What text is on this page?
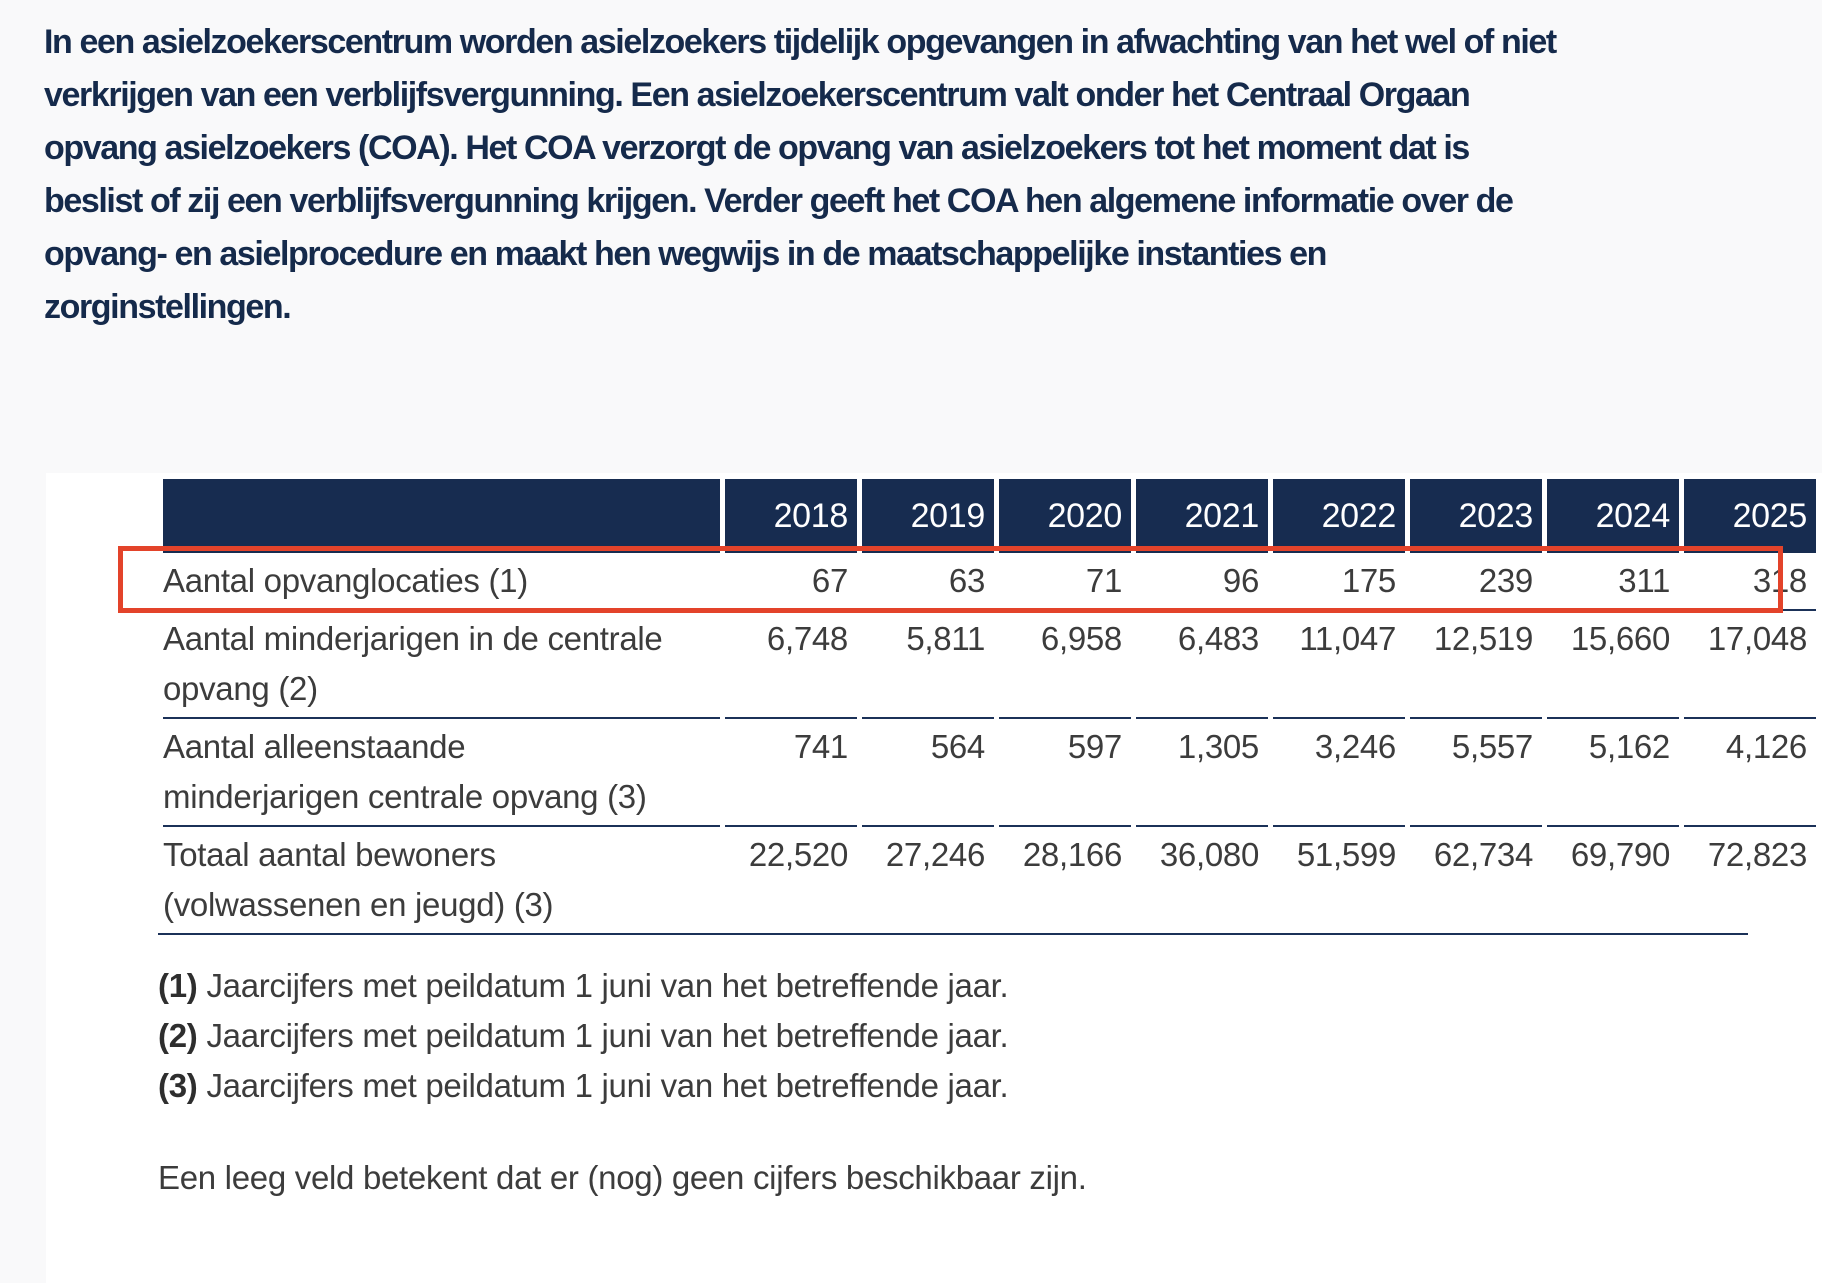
In een asielzoekerscentrum worden asielzoekers tijdelijk opgevangen in afwachting van het wel of niet verkrijgen van een verblijfsvergunning. Een asielzoekerscentrum valt onder het Centraal Orgaan opvang asielzoekers (COA). Het COA verzorgt de opvang van asielzoekers tot het moment dat is beslist of zij een verblijfsvergunning krijgen. Verder geeft het COA hen algemene informatie over de opvang- en asielprocedure en maakt hen wegwijs in de maatschappelijke instanties en zorginstellingen.
	2018	2019	2020	2021	2022	2023	2024	2025
Aantal opvanglocaties (1)	67	63	71	96	175	239	311	318
Aantal minderjarigen in de centrale opvang (2)	6,748	5,811	6,958	6,483	11,047	12,519	15,660	17,048
Aantal alleenstaande minderjarigen centrale opvang (3)	741	564	597	1,305	3,246	5,557	5,162	4,126
Totaal aantal bewoners (volwassenen en jeugd) (3)	22,520	27,246	28,166	36,080	51,599	62,734	69,790	72,823
(1) Jaarcijfers met peildatum 1 juni van het betreffende jaar.
(2) Jaarcijfers met peildatum 1 juni van het betreffende jaar.
(3) Jaarcijfers met peildatum 1 juni van het betreffende jaar.
Een leeg veld betekent dat er (nog) geen cijfers beschikbaar zijn.
